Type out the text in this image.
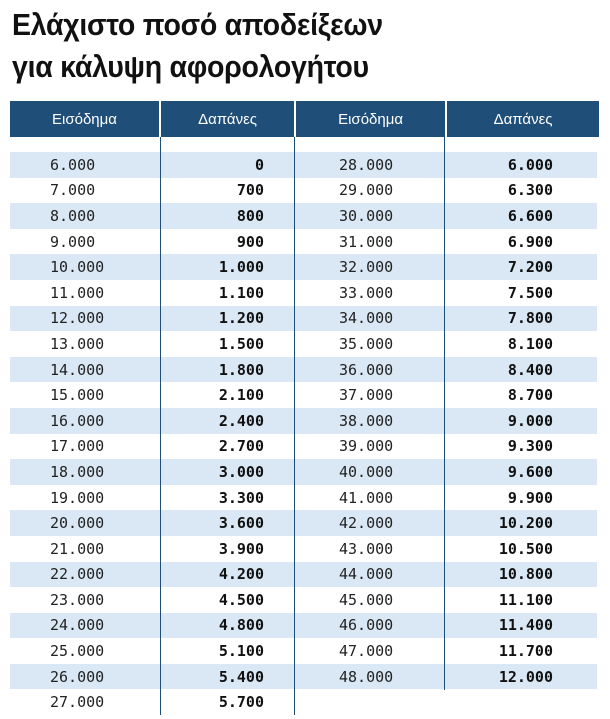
Ελάχιστο ποσό αποδείξεων
για κάλυψη αφορολογήτου
Εισόδημα	Δαπάνες	Εισόδημα	Δαπάνες
6.000	0	28.000	6.000
7.000	700	29.000	6.300
8.000	800	30.000	6.600
9.000	900	31.000	6.900
10.000	1.000	32.000	7.200
11.000	1.100	33.000	7.500
12.000	1.200	34.000	7.800
13.000	1.500	35.000	8.100
14.000	1.800	36.000	8.400
15.000	2.100	37.000	8.700
16.000	2.400	38.000	9.000
17.000	2.700	39.000	9.300
18.000	3.000	40.000	9.600
19.000	3.300	41.000	9.900
20.000	3.600	42.000	10.200
21.000	3.900	43.000	10.500
22.000	4.200	44.000	10.800
23.000	4.500	45.000	11.100
24.000	4.800	46.000	11.400
25.000	5.100	47.000	11.700
26.000	5.400	48.000	12.000
27.000	5.700
